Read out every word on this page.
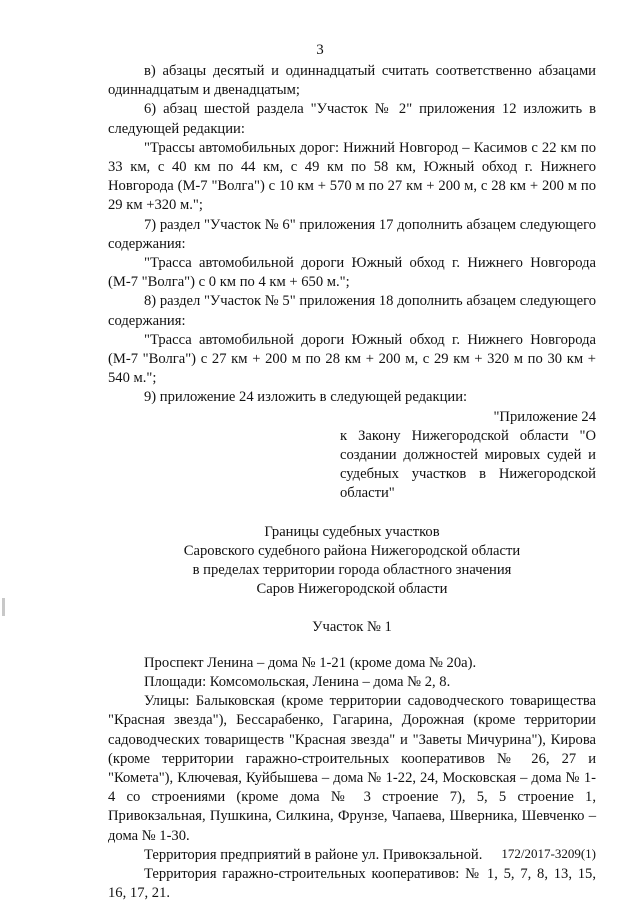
3

в) абзацы десятый и одиннадцатый считать соответственно абзацами одиннадцатым и двенадцатым;

6) абзац шестой раздела "Участок № 2" приложения 12 изложить в следующей редакции:

"Трассы автомобильных дорог: Нижний Новгород – Касимов с 22 км по 33 км, с 40 км по 44 км, с 49 км по 58 км, Южный обход г. Нижнего Новгорода (М-7 "Волга") с 10 км + 570 м по 27 км + 200 м, с 28 км + 200 м по 29 км +320 м.";

7) раздел "Участок № 6" приложения 17 дополнить абзацем следующего содержания:

"Трасса автомобильной дороги Южный обход г. Нижнего Новгорода (М-7 "Волга") с 0 км по 4 км + 650 м.";

8) раздел "Участок № 5" приложения 18 дополнить абзацем следующего содержания:

"Трасса автомобильной дороги Южный обход г. Нижнего Новгорода (М-7 "Волга") с 27 км + 200 м по 28 км + 200 м, с 29 км + 320 м по 30 км + 540 м.";

9) приложение 24 изложить в следующей редакции:

"Приложение 24

к Закону Нижегородской области "О создании должностей мировых судей и судебных участков в Нижегородской области"

Границы судебных участков

Саровского судебного района Нижегородской области

в пределах территории города областного значения

Саров Нижегородской области

Участок № 1

Проспект Ленина – дома № 1-21 (кроме дома № 20а).

Площади: Комсомольская, Ленина – дома № 2, 8.

Улицы: Балыковская (кроме территории садоводческого товарищества "Красная звезда"), Бессарабенко, Гагарина, Дорожная (кроме территории садоводческих товариществ "Красная звезда" и "Заветы Мичурина"), Кирова (кроме территории гаражно-строительных кооперативов № 26, 27 и "Комета"), Ключевая, Куйбышева – дома № 1-22, 24, Московская – дома № 1-4 со строениями (кроме дома № 3 строение 7), 5, 5 строение 1, Привокзальная, Пушкина, Силкина, Фрунзе, Чапаева, Шверника, Шевченко – дома № 1-30.

Территория предприятий в районе ул. Привокзальной.

Территория гаражно-строительных кооперативов: № 1, 5, 7, 8, 13, 15, 16, 17, 21.

172/2017-3209(1)
